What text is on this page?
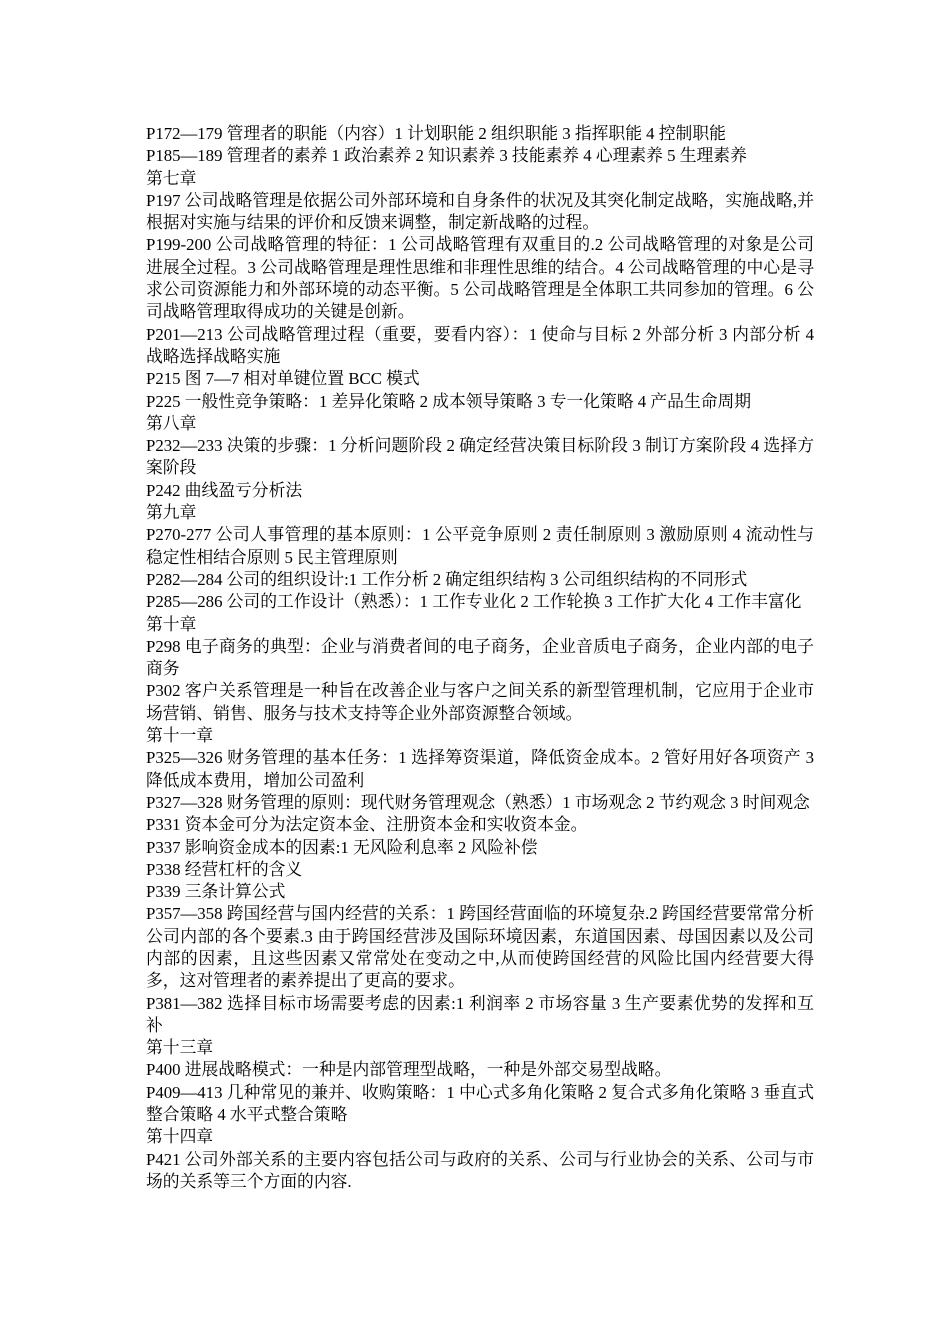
P172—179 管理者的职能（内容）1 计划职能 2 组织职能 3 指挥职能 4 控制职能

P185—189 管理者的素养 1 政治素养 2 知识素养 3 技能素养 4 心理素养 5 生理素养

第七章

P197 公司战略管理是依据公司外部环境和自身条件的状况及其突化制定战略，实施战略,并根据对实施与结果的评价和反馈来调整，制定新战略的过程。

P199-200 公司战略管理的特征：1 公司战略管理有双重目的.2 公司战略管理的对象是公司进展全过程。3 公司战略管理是理性思维和非理性思维的结合。4 公司战略管理的中心是寻求公司资源能力和外部环境的动态平衡。5 公司战略管理是全体职工共同参加的管理。6 公司战略管理取得成功的关键是创新。

P201—213 公司战略管理过程（重要，要看内容）：1 使命与目标 2 外部分析 3 内部分析 4 战略选择战略实施

P215 图 7—7 相对单键位置 BCC 模式

P225 一般性竞争策略：1 差异化策略 2 成本领导策略 3 专一化策略 4 产品生命周期

第八章

P232—233 决策的步骤：1 分析问题阶段 2 确定经营决策目标阶段 3 制订方案阶段 4 选择方案阶段

P242 曲线盈亏分析法

第九章

P270-277 公司人事管理的基本原则：1 公平竞争原则 2 责任制原则 3 激励原则 4 流动性与稳定性相结合原则 5 民主管理原则

P282—284 公司的组织设计:1 工作分析 2 确定组织结构 3 公司组织结构的不同形式

P285—286 公司的工作设计（熟悉）：1 工作专业化 2 工作轮换 3 工作扩大化 4 工作丰富化

第十章

P298 电子商务的典型：企业与消费者间的电子商务，企业音质电子商务，企业内部的电子商务

P302 客户关系管理是一种旨在改善企业与客户之间关系的新型管理机制，它应用于企业市场营销、销售、服务与技术支持等企业外部资源整合领域。

第十一章

P325—326 财务管理的基本任务：1 选择筹资渠道，降低资金成本。2 管好用好各项资产 3 降低成本费用，增加公司盈利

P327—328 财务管理的原则：现代财务管理观念（熟悉）1 市场观念 2 节约观念 3 时间观念

P331 资本金可分为法定资本金、注册资本金和实收资本金。

P337 影响资金成本的因素:1 无风险利息率 2 风险补偿

P338 经营杠杆的含义

P339 三条计算公式

P357—358 跨国经营与国内经营的关系：1 跨国经营面临的环境复杂.2 跨国经营要常常分析公司内部的各个要素.3 由于跨国经营涉及国际环境因素，东道国因素、母国因素以及公司内部的因素，且这些因素又常常处在变动之中,从而使跨国经营的风险比国内经营要大得多，这对管理者的素养提出了更高的要求。

P381—382 选择目标市场需要考虑的因素:1 利润率 2 市场容量 3 生产要素优势的发挥和互补

第十三章

P400 进展战略模式：一种是内部管理型战略，一种是外部交易型战略。

P409—413 几种常见的兼并、收购策略：1 中心式多角化策略 2 复合式多角化策略 3 垂直式整合策略 4 水平式整合策略

第十四章

P421 公司外部关系的主要内容包括公司与政府的关系、公司与行业协会的关系、公司与市场的关系等三个方面的内容.
